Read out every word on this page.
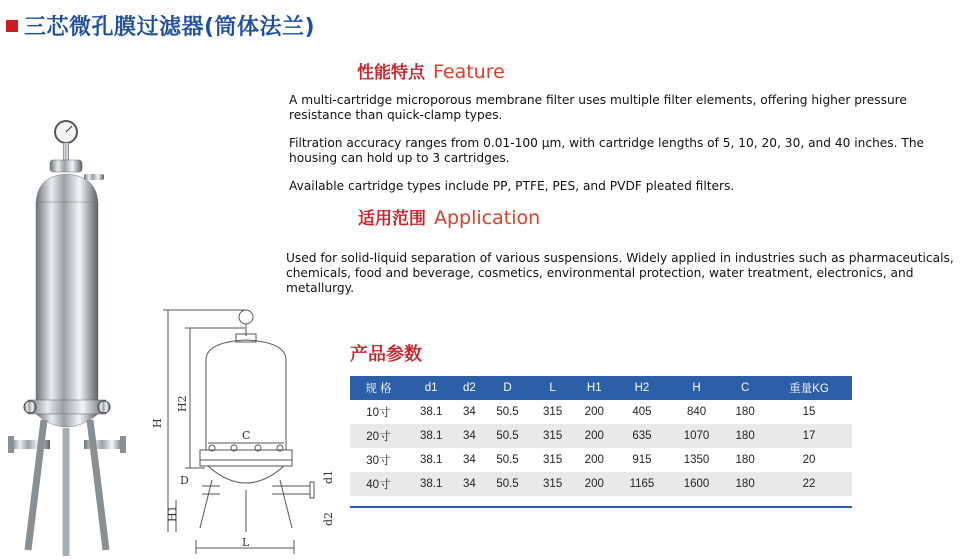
三芯微孔膜过滤器(筒体法兰)
H
H2
C
D
H1
d1
d2
L
性能特点 Feature
A multi-cartridge microporous membrane filter uses multiple filter elements, offering higher pressure resistance than quick-clamp types.
Filtration accuracy ranges from 0.01-100 μm, with cartridge lengths of 5, 10, 20, 30, and 40 inches. The housing can hold up to 3 cartridges.
Available cartridge types include PP, PTFE, PES, and PVDF pleated filters.
适用范围 Application
Used for solid-liquid separation of various suspensions. Widely applied in industries such as pharmaceuticals, chemicals, food and beverage, cosmetics, environmental protection, water treatment, electronics, and metallurgy.
产品参数
规 格	d1	d2	D	L	H1	H2	H	C	重量KG
10寸	38.1	34	50.5	315	200	405	840	180	15
20寸	38.1	34	50.5	315	200	635	1070	180	17
30寸	38.1	34	50.5	315	200	915	1350	180	20
40寸	38.1	34	50.5	315	200	1165	1600	180	22
